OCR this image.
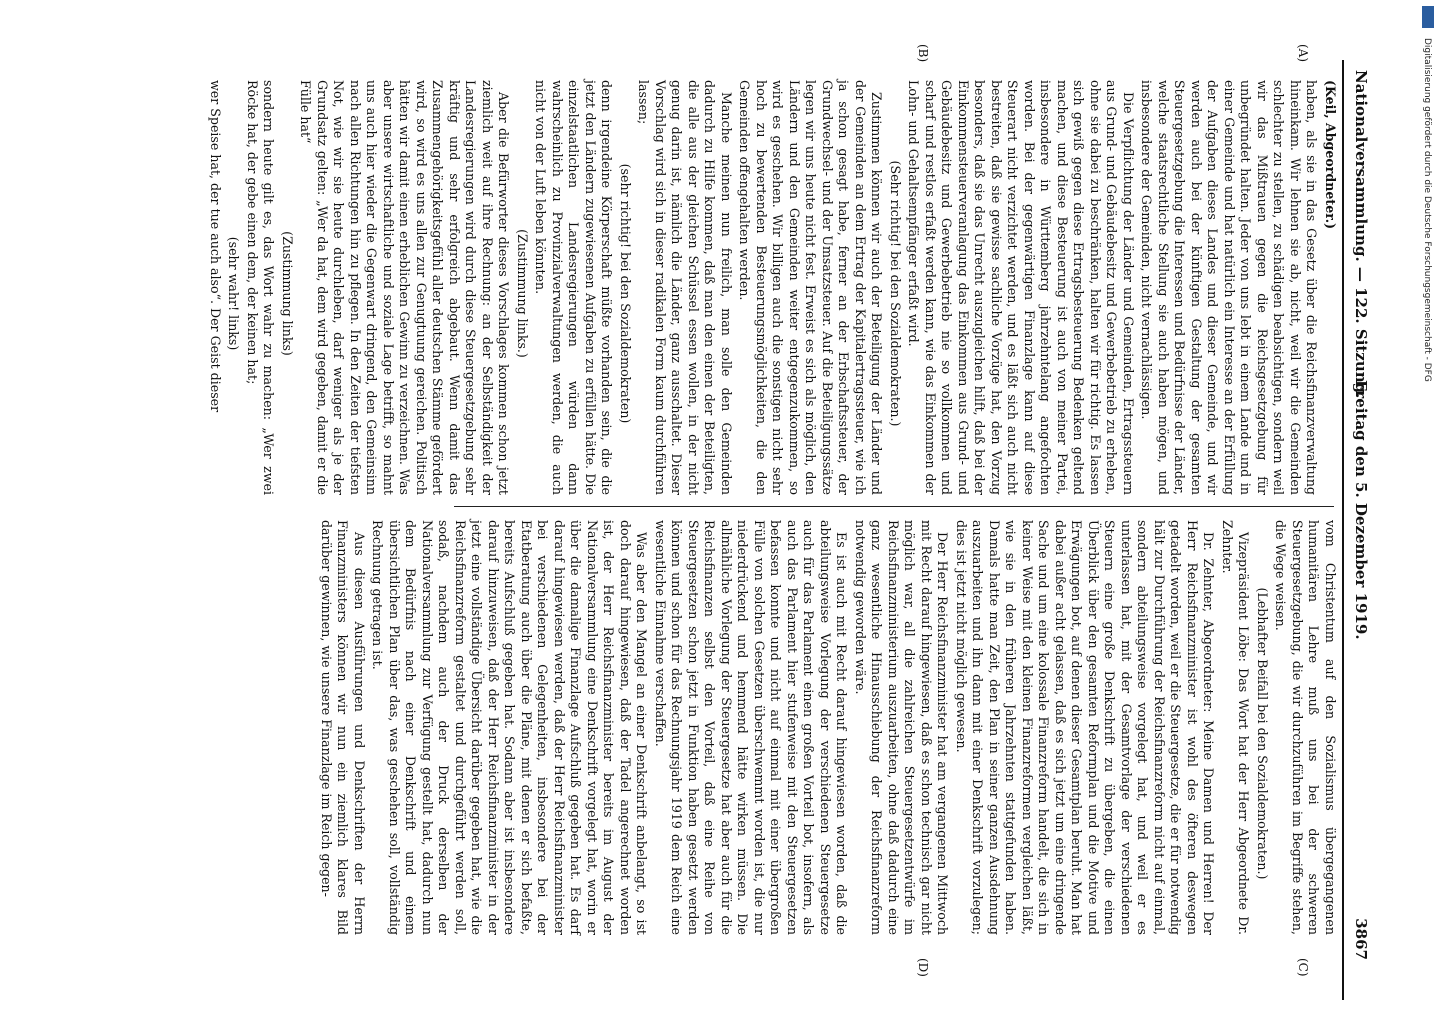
Nationalversammlung. — 122. Sitzung.
Freitag den 5. Dezember 1919.
3867
(A)
(B)
(C)
(D)

(Keil, Abgeordneter.)

haben, als sie in das Gesetz über die Reichsfinanzverwaltung hineinkam. Wir lehnen sie ab, nicht, weil wir die Gemeinden schlechter zu stellen, zu schädigen beabsichtigen, sondern weil wir das Mißtrauen gegen die Reichsgesetzgebung für unbegründet halten. Jeder von uns lebt in einem Lande und in einer Gemeinde und hat natürlich ein Interesse an der Erfüllung der Aufgaben dieses Landes und dieser Gemeinde, und wir werden auch bei der künftigen Gestaltung der gesamten Steuergesetzgebung die Interessen und Bedürfnisse der Länder, welche staatsrechtliche Stellung sie auch haben mögen, und insbesondere der Gemeinden, nicht vernachlässigen.

Die Verpflichtung der Länder und Gemeinden, Ertragssteuern aus Grund- und Gebäudebesitz und Gewerbebetrieb zu erheben, ohne sie dabei zu beschränken, halten wir für richtig. Es lassen sich gewiß gegen diese Ertragsbesteuerung Bedenken geltend machen, und diese Besteuerung ist auch von meiner Partei, insbesondere in Württemberg jahrzehntelang angefochten worden. Bei der gegenwärtigen Finanzlage kann auf diese Steuerart nicht verzichtet werden, und es läßt sich auch nicht bestreiten, daß sie gewisse sachliche Vorzüge hat, den Vorzug besonders, daß sie das Unrecht auszugleichen hilft, daß bei der Einkommensteuerveranlagung das Einkommen aus Grund- und Gebäudebesitz und Gewerbebetrieb nie so vollkommen und scharf und restlos erfaßt werden kann, wie das Einkommen der Lohn- und Gehaltsempfänger erfaßt wird.

(Sehr richtig! bei den Sozialdemokraten.)

Zustimmen können wir auch der Beteiligung der Länder und der Gemeinden an dem Ertrag der Kapitalertragssteuer, wie ich ja schon gesagt habe, ferner an der Erbschaftssteuer, der Grundwechsel- und der Umsatzsteuer. Auf die Beteiligungssätze legen wir uns heute nicht fest. Erweist es sich als möglich, den Ländern und den Gemeinden weiter entgegenzukommen, so wird es geschehen. Wir billigen auch die sonstigen nicht sehr hoch zu bewertenden Besteuerungsmöglichkeiten, die den Gemeinden offengehalten werden.

Manche meinen nun freilich, man solle den Gemeinden dadurch zu Hilfe kommen, daß man den einen der Beteiligten, die alle aus der gleichen Schüssel essen wollen, in der nicht genug darin ist, nämlich die Länder, ganz ausschaltet. Dieser Vorschlag wird sich in dieser radikalen Form kaum durchführen lassen;

(sehr richtig! bei den Sozialdemokraten)

denn irgendeine Körperschaft müßte vorhanden sein, die die jetzt den Ländern zugewiesenen Aufgaben zu erfüllen hätte. Die einzelstaatlichen Landesregierungen würden dann wahrscheinlich zu Provinzialverwaltungen werden, die auch nicht von der Luft leben könnten.

(Zustimmung links.)

Aber die Befürworter dieses Vorschlages kommen schon jetzt ziemlich weit auf ihre Rechnung: an der Selbständigkeit der Landesregierungen wird durch diese Steuergesetzgebung sehr kräftig und sehr erfolgreich abgebaut. Wenn damit das Zusammengehörigkeitsgefühl aller deutschen Stämme gefördert wird, so wird es uns allen zur Genugtuung gereichen. Politisch hätten wir damit einen erheblichen Gewinn zu verzeichnen. Was aber unsere wirtschaftliche und soziale Lage betrifft, so mahnt uns auch hier wieder die Gegenwart dringend, den Gemeinsinn nach allen Richtungen hin zu pflegen. In den Zeiten der tiefsten Not, wie wir sie heute durchleben, darf weniger als je der Grundsatz gelten: „Wer da hat, dem wird gegeben, damit er die Fülle hat“

(Zustimmung links)

sondern heute gilt es, das Wort wahr zu machen: „Wer zwei Röcke hat, der gebe einen dem, der keinen hat;

(sehr wahr! links)

wer Speise hat, der tue auch also“. Der Geist dieser

vom Christentum auf den Sozialismus übergegangenen humanitären Lehre muß uns bei der schweren Steuergesetzgebung, die wir durchzuführen im Begriffe stehen, die Wege weisen.

(Lebhafter Beifall bei den Sozialdemokraten.)

Vizepräsident Löbe: Das Wort hat der Herr Abgeordnete Dr. Zehnter.

Dr. Zehnter, Abgeordneter: Meine Damen und Herren! Der Herr Reichsfinanzminister ist wohl des öfteren deswegen getadelt worden, weil er die Steuergesetze, die er für notwendig hält zur Durchführung der Reichsfinanzreform nicht auf einmal, sondern abteilungsweise vorgelegt hat, und weil er es unterlassen hat, mit der Gesamtvorlage der verschiedenen Steuern eine große Denkschrift zu übergeben, die einen Überblick über den gesamten Reformplan und die Motive und Erwägungen bot, auf denen dieser Gesamtplan beruht. Man hat dabei außer acht gelassen, daß es sich jetzt um eine dringende Sache und um eine kolossale Finanzreform handelt, die sich in keiner Weise mit den kleinen Finanzreformen vergleichen läßt, wie sie in den früheren Jahrzehnten stattgefunden haben. Damals hatte man Zeit, den Plan in seiner ganzen Ausdehnung auszuarbeiten und ihn dann mit einer Denkschrift vorzulegen; dies ist jetzt nicht möglich gewesen.

Der Herr Reichsfinanzminister hat am vergangenen Mittwoch mit Recht darauf hingewiesen, daß es schon technisch gar nicht möglich war, all die zahlreichen Steuergesetzentwürfe im Reichsfinanzministerium auszuarbeiten, ohne daß dadurch eine ganz wesentliche Hinausschiebung der Reichsfinanzreform notwendig geworden wäre.

Es ist auch mit Recht darauf hingewiesen worden, daß die abteilungsweise Vorlegung der verschiedenen Steuergesetze auch für das Parlament einen großen Vorteil bot, insofern, als auch das Parlament hier stufenweise mit den Steuergesetzen befassen konnte und nicht auf einmal mit einer übergroßen Fülle von solchen Gesetzen überschwemmt worden ist, die nur niederdrückend und hemmend hätte wirken müssen. Die allmähliche Vorlegung der Steuergesetze hat aber auch für die Reichsfinanzen selbst den Vorteil, daß eine Reihe von Steuergesetzen schon jetzt in Funktion haben gesetzt werden können und schon für das Rechnungsjahr 1919 dem Reich eine wesentliche Einnahme verschaffen.

Was aber den Mangel an einer Denkschrift anbelangt, so ist doch darauf hingewiesen, daß der Tadel angerechnet worden ist, der Herr Reichsfinanzminister bereits im August der Nationalversammlung eine Denkschrift vorgelegt hat, worin er über die damalige Finanzlage Aufschluß gegeben hat. Es darf darauf hingewiesen werden, daß der Herr Reichsfinanzminister bei verschiedenen Gelegenheiten, insbesondere bei der Etatberatung auch über die Pläne, mit denen er sich befaßte, bereits Aufschluß gegeben hat. Sodann aber ist insbesondere darauf hinzuweisen, daß der Herr Reichsfinanzminister in der jetzt eine vollständige Übersicht darüber gegeben hat, wie die Reichsfinanzreform gestaltet und durchgeführt werden soll, sodaß, nachdem auch der Druck derselben der Nationalversammlung zur Verfügung gestellt hat, dadurch nun dem Bedürfnis nach einer Denkschrift und einem übersichtlichen Plan über das, was geschehen soll, vollständig Rechnung getragen ist.

Aus diesen Ausführungen und Denkschriften der Herrn Finanzministers können wir nun ein ziemlich klares Bild darüber gewinnen, wie unsere Finanzlage im Reich gegen-

Digitalisierung gefördert durch die Deutsche Forschungsgemeinschaft - DFG
